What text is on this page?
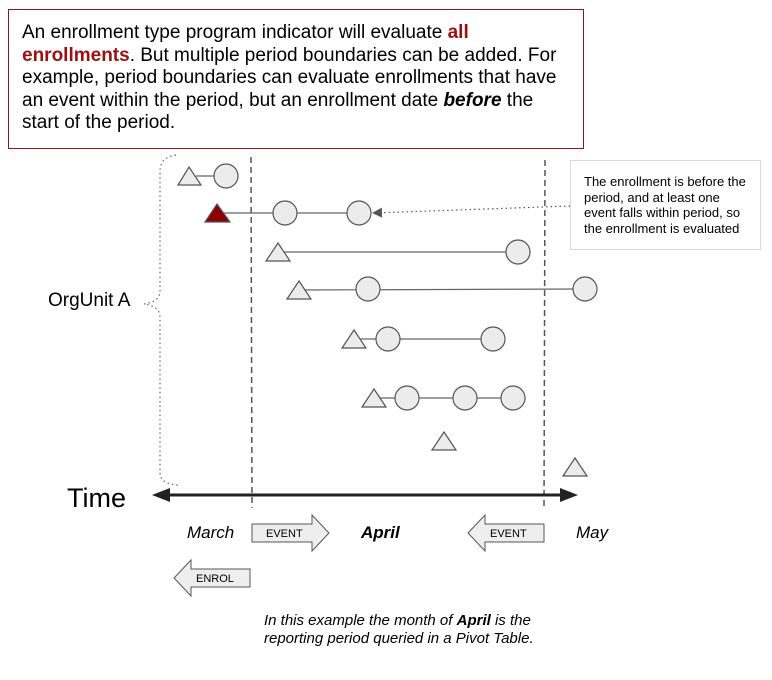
An enrollment type program indicator will evaluate all enrollments. But multiple period boundaries can be added. For example, period boundaries can evaluate enrollments that have an event within the period, but an enrollment date before the start of the period.
EVENT	EVENT
ENROL
The enrollment is before the period, and at least one event falls within period, so the enrollment is evaluated
OrgUnit A
Time
March	April	May
In this example the month of April is the reporting period queried in a Pivot Table.
